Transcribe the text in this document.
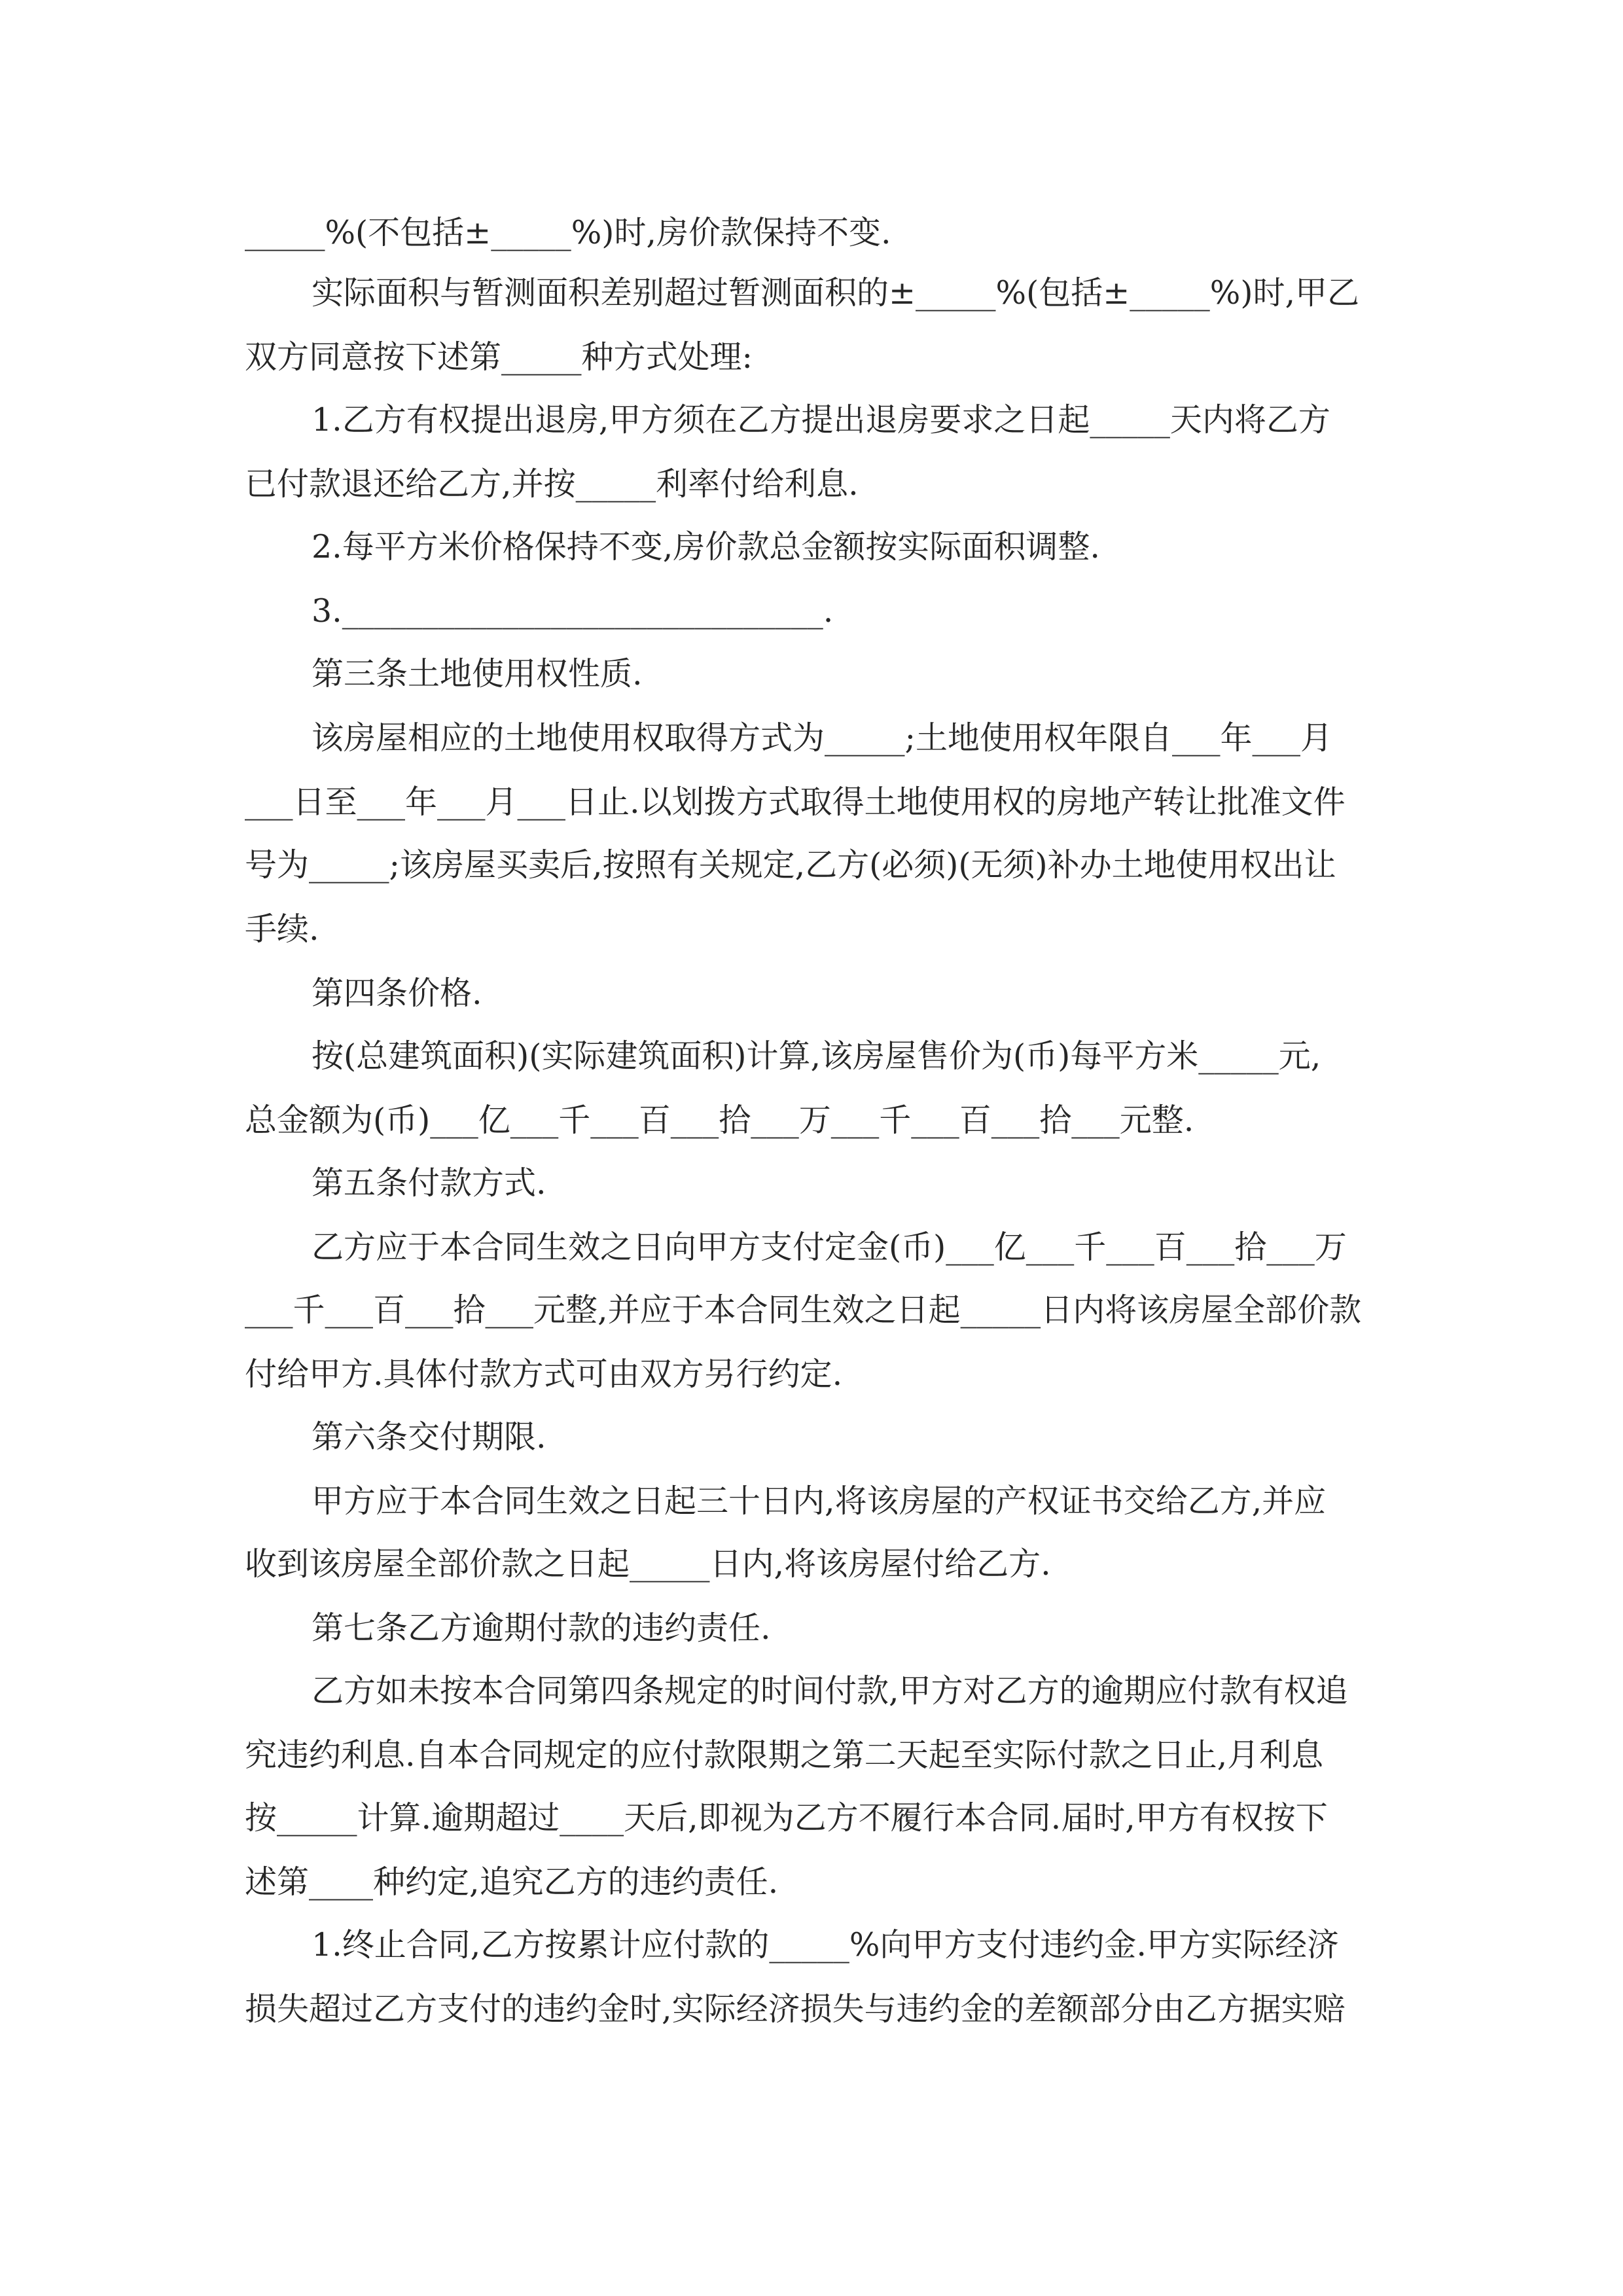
_____%(不包括±_____%)时,房价款保持不变.
实际面积与暂测面积差别超过暂测面积的±_____%(包括±_____%)时,甲乙
双方同意按下述第_____种方式处理:
1.乙方有权提出退房,甲方须在乙方提出退房要求之日起_____天内将乙方
已付款退还给乙方,并按_____利率付给利息.
2.每平方米价格保持不变,房价款总金额按实际面积调整.
3.______________________________.
第三条土地使用权性质.
该房屋相应的土地使用权取得方式为_____;土地使用权年限自___年___月
___日至___年___月___日止.以划拨方式取得土地使用权的房地产转让批准文件
号为_____;该房屋买卖后,按照有关规定,乙方(必须)(无须)补办土地使用权出让
手续.
第四条价格.
按(总建筑面积)(实际建筑面积)计算,该房屋售价为(币)每平方米_____元,
总金额为(币)___亿___千___百___拾___万___千___百___拾___元整.
第五条付款方式.
乙方应于本合同生效之日向甲方支付定金(币)___亿___千___百___拾___万
___千___百___拾___元整,并应于本合同生效之日起_____日内将该房屋全部价款
付给甲方.具体付款方式可由双方另行约定.
第六条交付期限.
甲方应于本合同生效之日起三十日内,将该房屋的产权证书交给乙方,并应
收到该房屋全部价款之日起_____日内,将该房屋付给乙方.
第七条乙方逾期付款的违约责任.
乙方如未按本合同第四条规定的时间付款,甲方对乙方的逾期应付款有权追
究违约利息.自本合同规定的应付款限期之第二天起至实际付款之日止,月利息
按_____计算.逾期超过____天后,即视为乙方不履行本合同.届时,甲方有权按下
述第____种约定,追究乙方的违约责任.
1.终止合同,乙方按累计应付款的_____%向甲方支付违约金.甲方实际经济
损失超过乙方支付的违约金时,实际经济损失与违约金的差额部分由乙方据实赔
